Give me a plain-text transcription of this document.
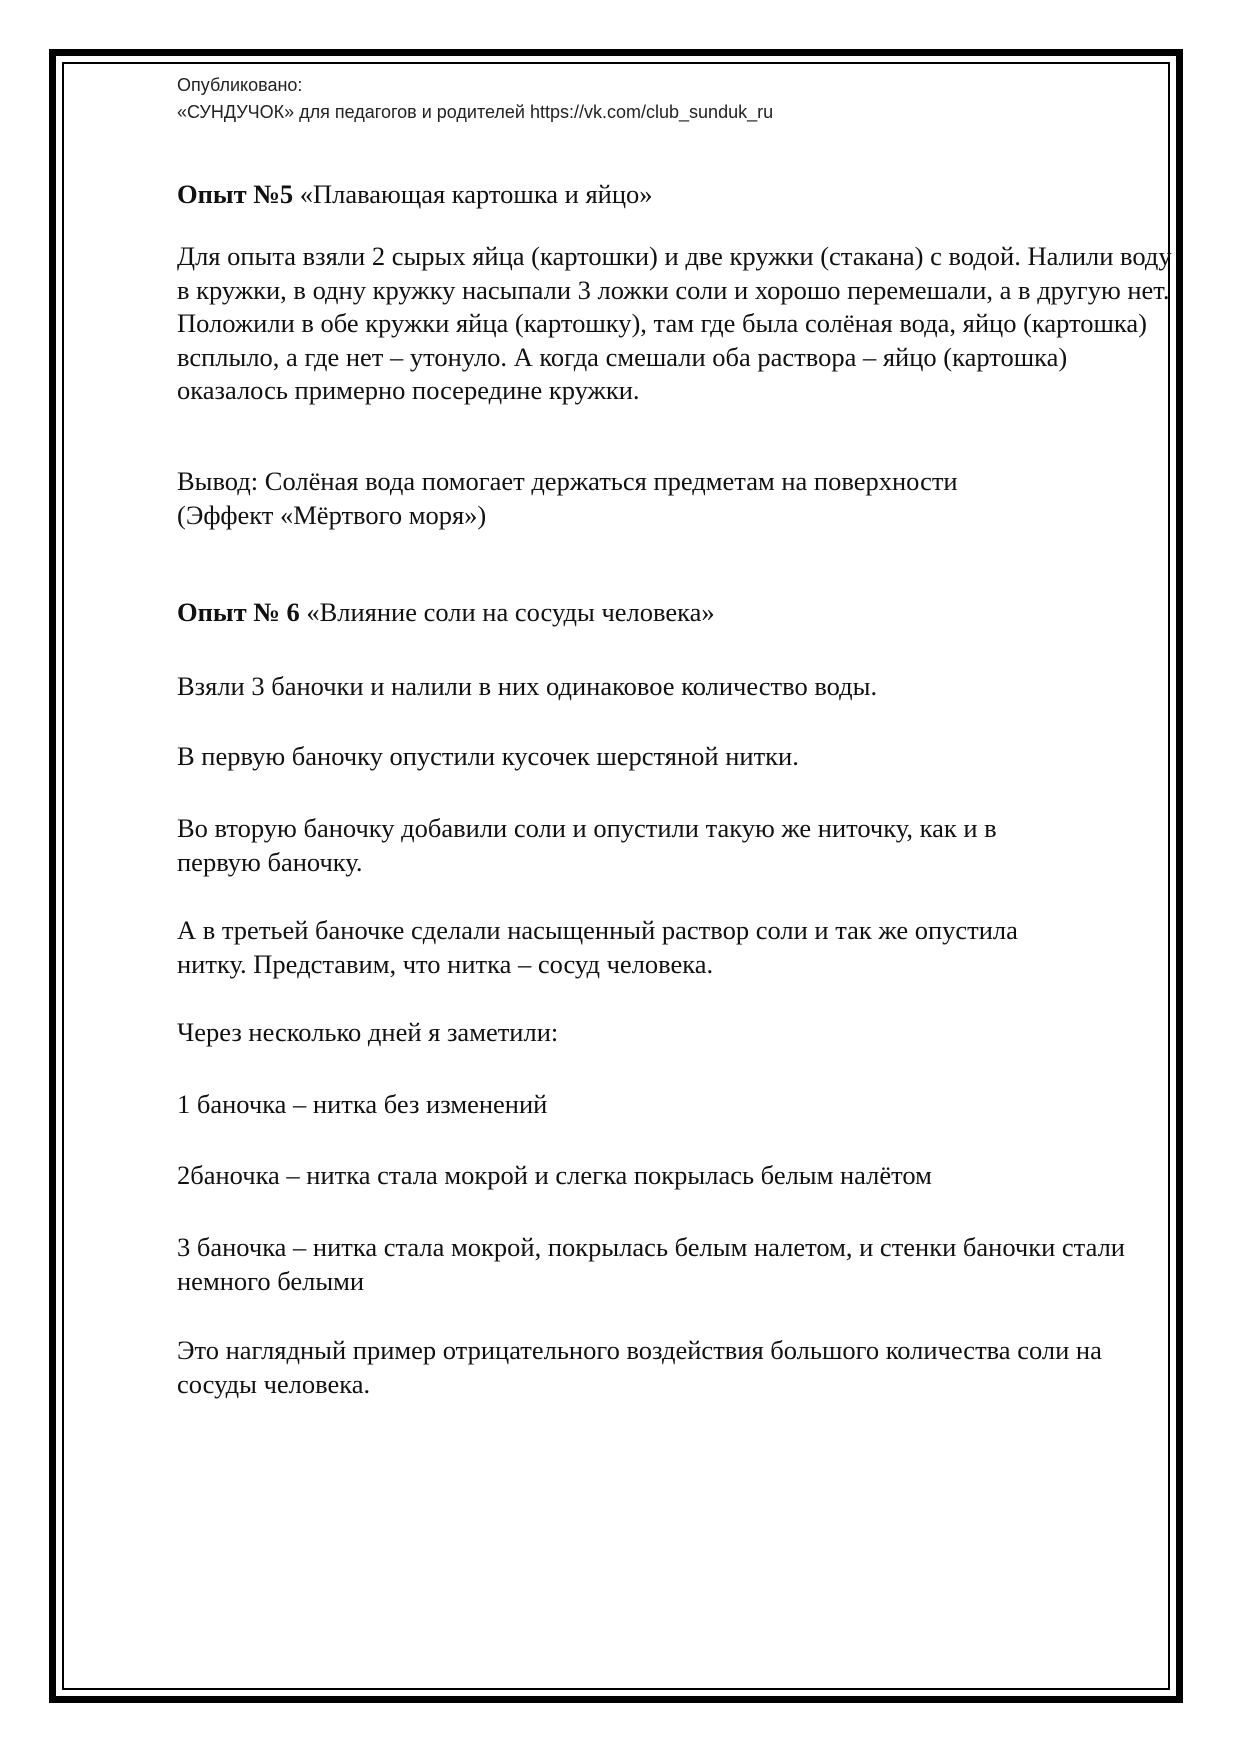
Опубликовано:
«СУНДУЧОК» для педагогов и родителей https://vk.com/club_sunduk_ru
Опыт №5 «Плавающая картошка и яйцо»
Для опыта взяли 2 сырых яйца (картошки) и две кружки (стакана) с водой. Налили воду в кружки, в одну кружку насыпали 3 ложки соли и хорошо перемешали, а в другую нет. Положили в обе кружки яйца (картошку), там где была солёная вода, яйцо (картошка) всплыло, а где нет – утонуло. А когда смешали оба раствора – яйцо (картошка) оказалось примерно посередине кружки.
Вывод: Солёная вода помогает держаться предметам на поверхности
(Эффект «Мёртвого моря»)
Опыт № 6 «Влияние соли на сосуды человека»
Взяли 3 баночки и налили в них одинаковое количество воды.
В первую баночку опустили кусочек шерстяной нитки.
Во вторую баночку добавили соли и опустили такую же ниточку, как и в первую баночку.
А в третьей баночке сделали насыщенный раствор соли и так же опустила нитку. Представим, что нитка – сосуд человека.
Через несколько дней я заметили:
1 баночка – нитка без изменений
2баночка – нитка стала мокрой и слегка покрылась белым налётом
3 баночка – нитка стала мокрой, покрылась белым налетом, и стенки баночки стали немного белыми
Это наглядный пример отрицательного воздействия большого количества соли на сосуды человека.
